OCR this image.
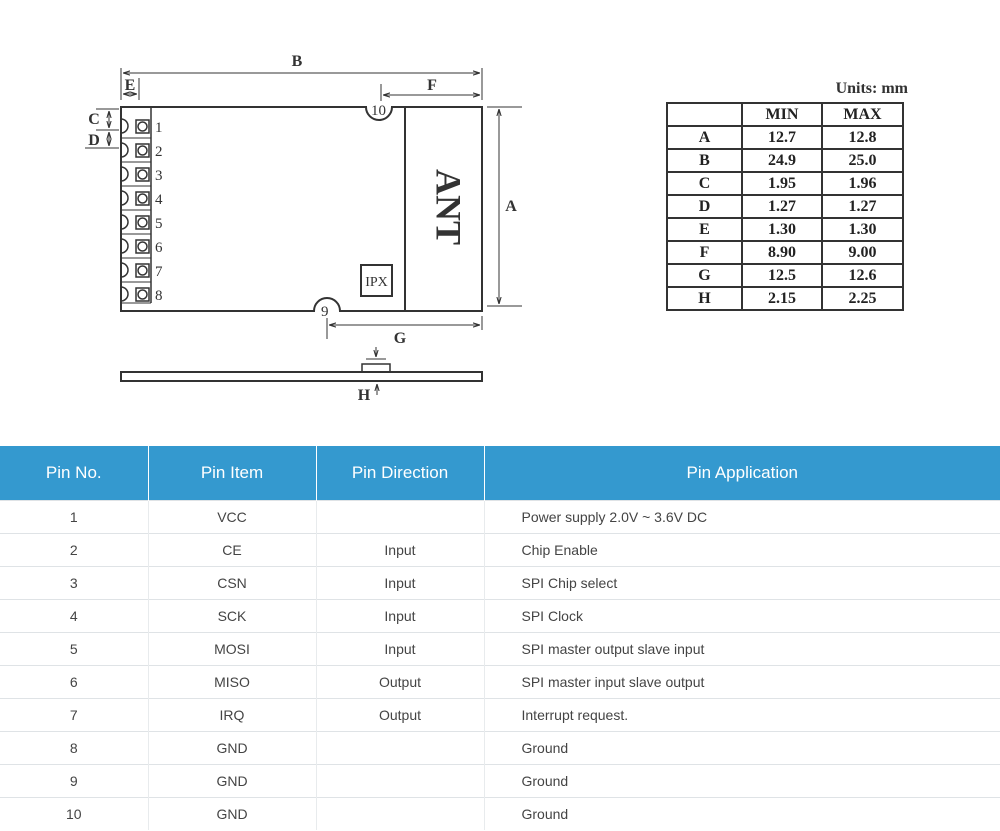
1
2
3
4
5
6
7
8
10
9
ANT
IPX
B
E	F
A
C
D
G
H
Units: mm
	MIN	MAX
A	12.7	12.8
B	24.9	25.0
C	1.95	1.96
D	1.27	1.27
E	1.30	1.30
F	8.90	9.00
G	12.5	12.6
H	2.15	2.25
Pin No.	Pin Item	Pin Direction	Pin Application
1	VCC		Power supply 2.0V ~ 3.6V DC
2	CE	Input	Chip Enable
3	CSN	Input	SPI Chip select
4	SCK	Input	SPI Clock
5	MOSI	Input	SPI master output slave input
6	MISO	Output	SPI master input slave output
7	IRQ	Output	Interrupt request.
8	GND		Ground
9	GND		Ground
10	GND		Ground
